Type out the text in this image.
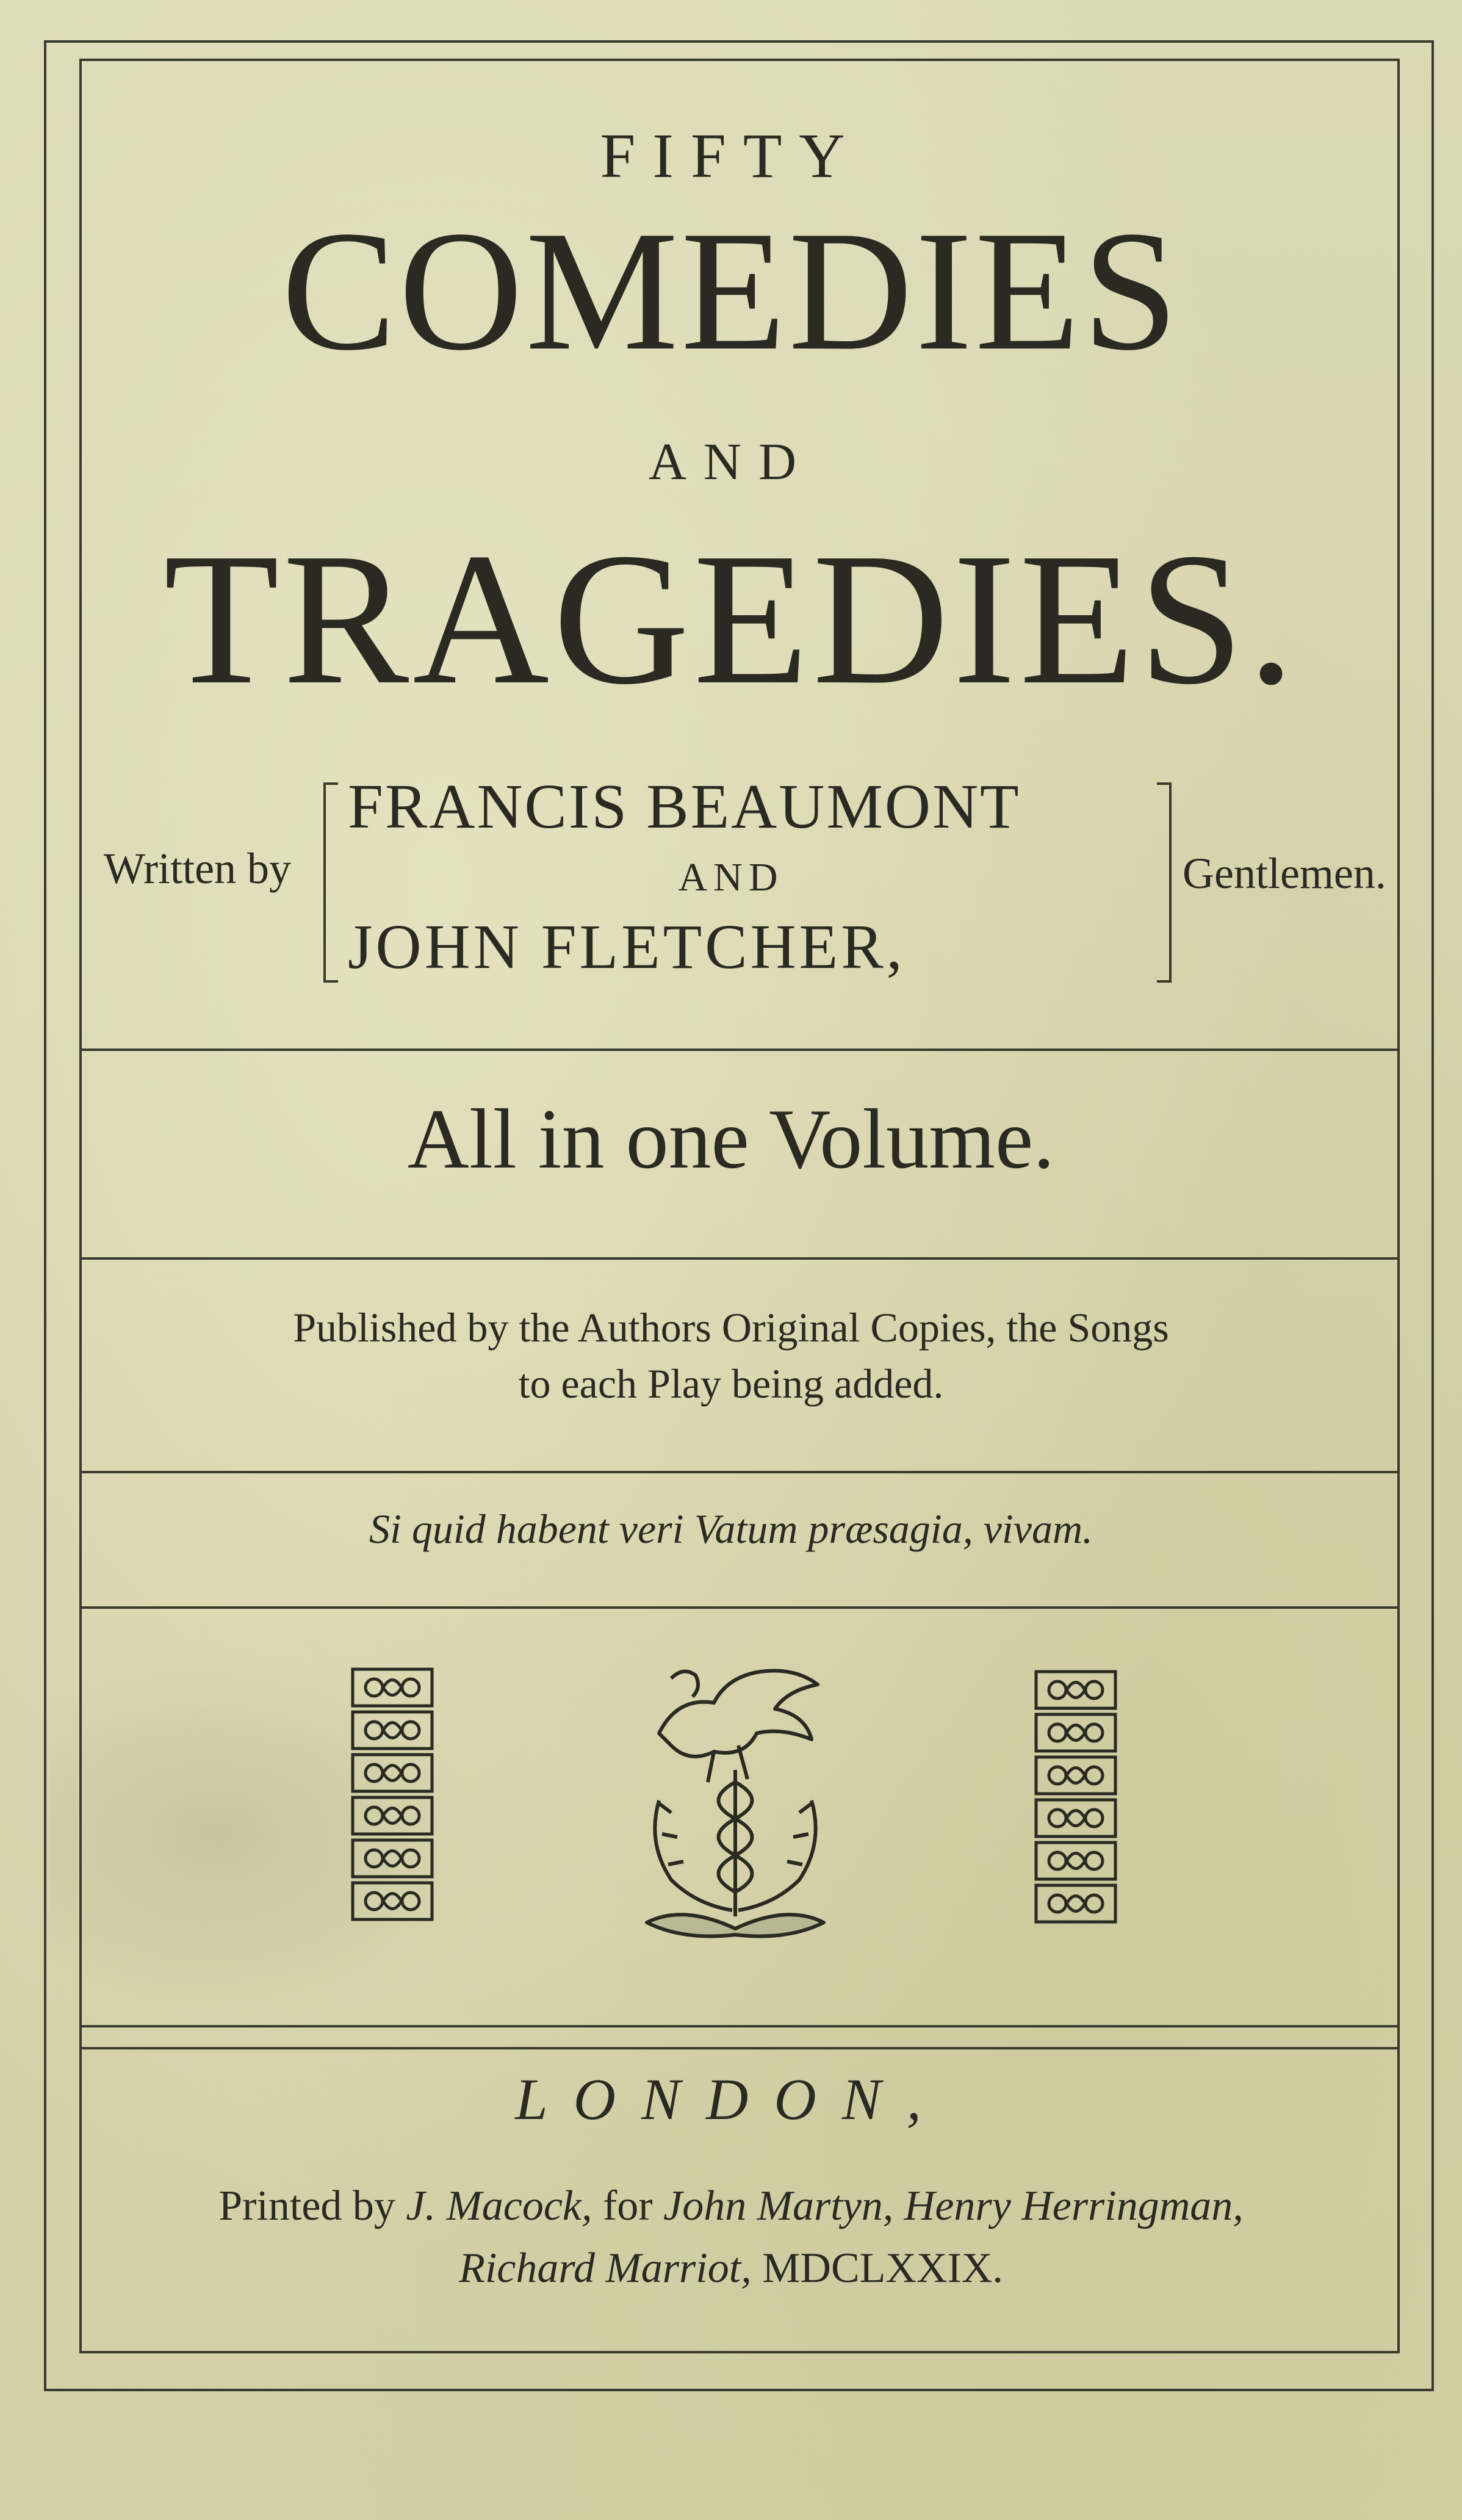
FIFTY
COMEDIES
AND
TRAGEDIES.
Written by
FRANCIS BEAUMONT
AND
JOHN FLETCHER,
Gentlemen.
All in one Volume.
Published by the Authors Original Copies, the Songs
to each Play being added.
Si quid habent veri Vatum præsagia, vivam.
LONDON,
Printed by J. Macock, for John Martyn, Henry Herringman,
Richard Marriot, MDCLXXIX.
